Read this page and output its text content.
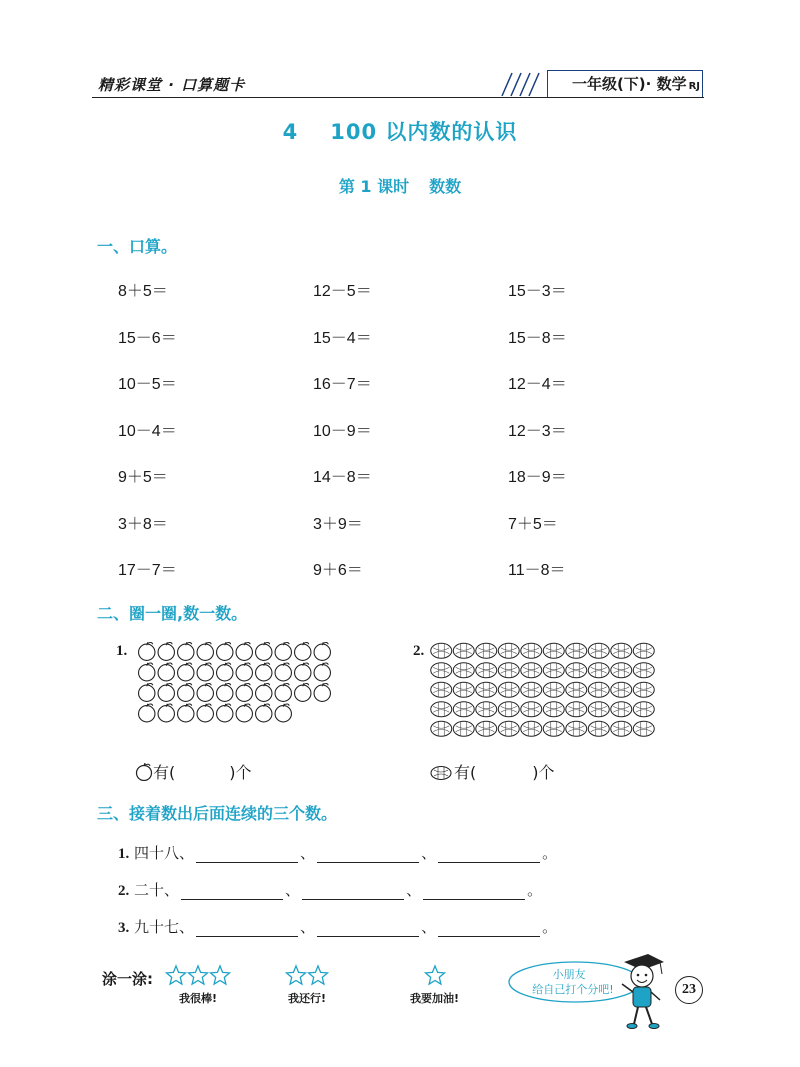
精彩课堂 · 口算题卡	一年级(下)· 数学 RJ
4 100 以内数的认识
第 1 课时 数数
一、口算。
8＋5＝	12－5＝	15－3＝
15－6＝	15－4＝	15－8＝
10－5＝	16－7＝	12－4＝
10－4＝	10－9＝	12－3＝
9＋5＝	14－8＝	18－9＝
3＋8＝	3＋9＝	7＋5＝
17－7＝	9＋6＝	11－8＝
二、圈一圈,数一数。
1.	2.
有(	)个	有(	)个
三、接着数出后面连续的三个数。
1. 四十八、	、	、	。
2. 二十、	、	、	。
3. 九十七、	、	、	。
涂一涂:
我很棒!	我还行!	我要加油!
小朋友
给自己打个分吧!	23
